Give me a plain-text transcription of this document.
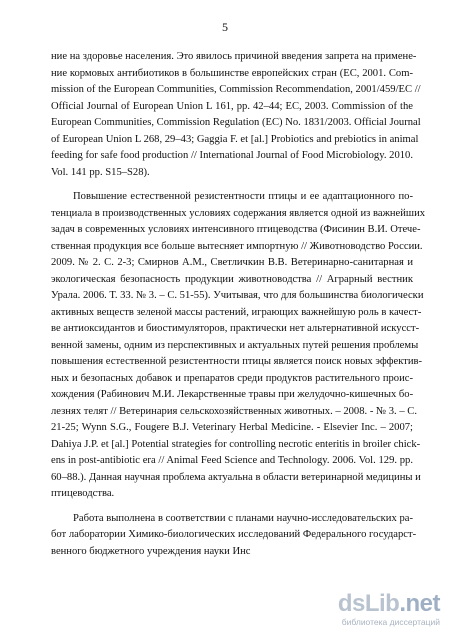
5
ние на здоровье населения. Это явилось причиной введения запрета на примене-
ние кормовых антибиотиков в большинстве европейских стран (ЕС, 2001. Com-
mission of the European Communities, Commission Recommendation, 2001/459/EC //
Official Journal of European Union L 161, pp. 42–44; EC, 2003. Commission of the
European Communities, Commission Regulation (EC) No. 1831/2003. Official Journal
of European Union L 268, 29–43; Gaggia F. et [al.] Probiotics and prebiotics in animal
feeding for safe food production // International Journal of Food Microbiology. 2010.
Vol. 141 pp. S15–S28).
Повышение естественной резистентности птицы и ее адаптационного по-
тенциала в производственных условиях содержания является одной из важнейших
задач в современных условиях интенсивного птицеводства (Фисинин В.И. Отече-
ственная продукция все больше вытесняет импортную // Животноводство России.
2009. № 2. С. 2-3; Смирнов А.М., Светличкин В.В. Ветеринарно-санитарная и
экологическая безопасность продукции животноводства // Аграрный вестник
Урала. 2006. Т. 33. № 3. – С. 51-55). Учитывая, что для большинства биологически
активных веществ зеленой массы растений, играющих важнейшую роль в качест-
ве антиоксидантов и биостимуляторов, практически нет альтернативной искусст-
венной замены, одним из перспективных и актуальных путей решения проблемы
повышения естественной резистентности птицы является поиск новых эффектив-
ных и безопасных добавок и препаратов среди продуктов растительного проис-
хождения (Рабинович М.И. Лекарственные травы при желудочно-кишечных бо-
лезнях телят // Ветеринария сельскохозяйственных животных. – 2008. - № 3. – С.
21-25; Wynn S.G., Fougere B.J. Veterinary Herbal Medicine. - Elsevier Inc. – 2007;
Dahiya J.P. et [al.] Potential strategies for controlling necrotic enteritis in broiler chick-
ens in post-antibiotic era // Animal Feed Science and Technology. 2006. Vol. 129. pp.
60–88.). Данная научная проблема актуальна в области ветеринарной медицины и
птицеводства.
Работа выполнена в соответствии с планами научно-исследовательских ра-
бот лаборатории Химико-биологических исследований Федерального государст-
венного бюджетного учреждения науки Инс
dsLib.net
библиотека диссертаций
